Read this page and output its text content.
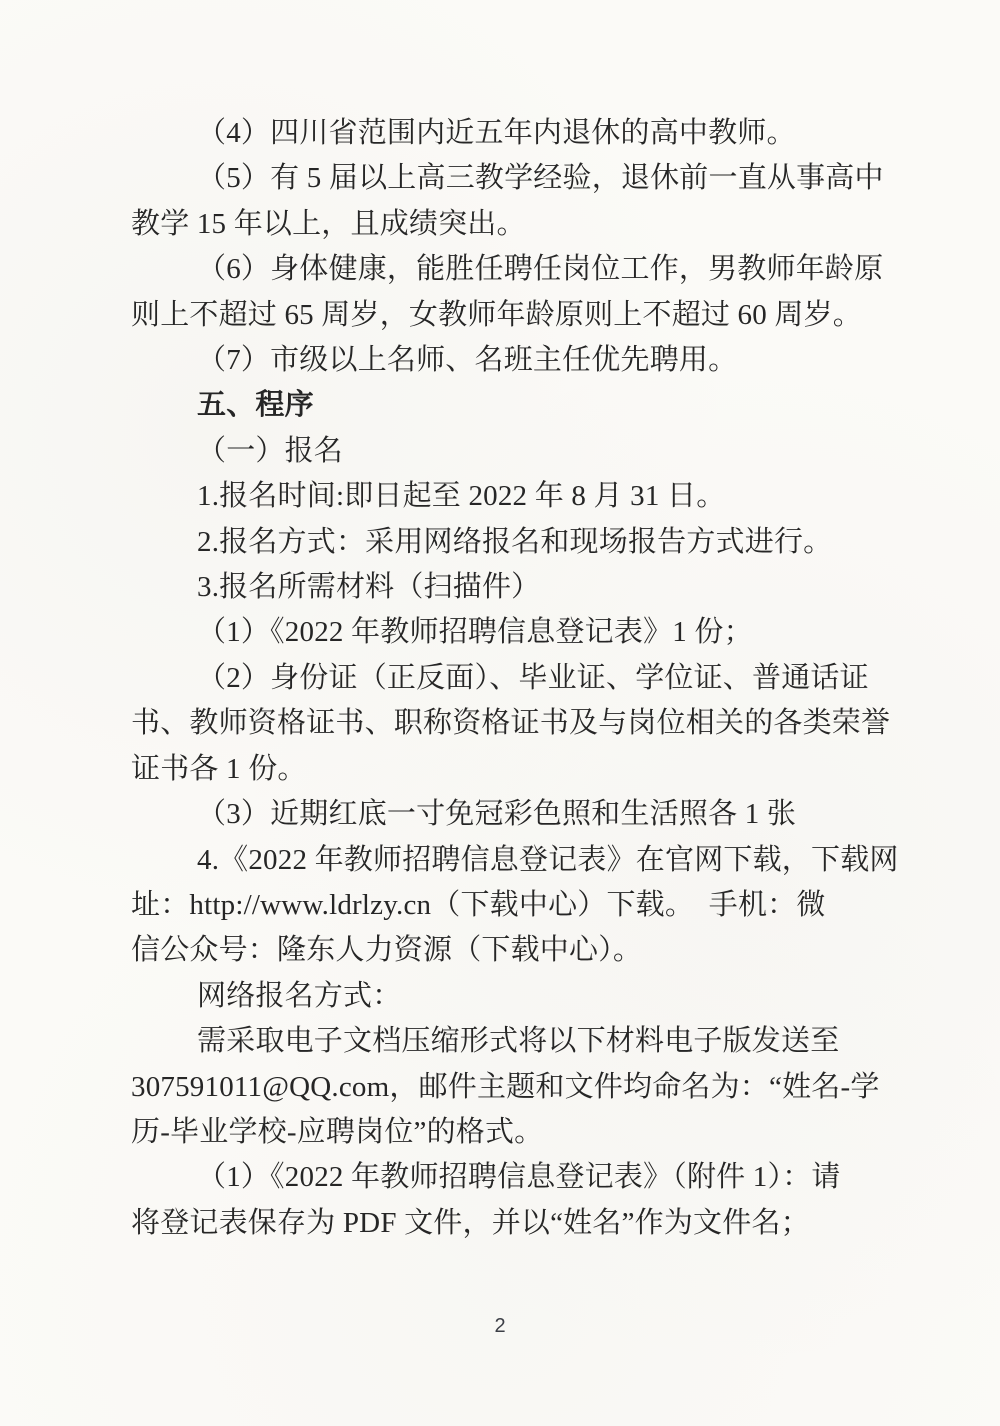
（4）四川省范围内近五年内退休的高中教师。
（5）有 5 届以上高三教学经验，退休前一直从事高中
教学 15 年以上，且成绩突出。
（6）身体健康，能胜任聘任岗位工作，男教师年龄原
则上不超过 65 周岁，女教师年龄原则上不超过 60 周岁。
（7）市级以上名师、名班主任优先聘用。
五、程序
（一）报名
1.报名时间:即日起至 2022 年 8 月 31 日。
2.报名方式：采用网络报名和现场报告方式进行。
3.报名所需材料（扫描件）
（1）《2022 年教师招聘信息登记表》1 份；
（2）身份证（正反面）、毕业证、学位证、普通话证
书、教师资格证书、职称资格证书及与岗位相关的各类荣誉
证书各 1 份。
（3）近期红底一寸免冠彩色照和生活照各 1 张
4.《2022 年教师招聘信息登记表》在官网下载，下载网
址：http://www.ldrlzy.cn（下载中心）下载。　手机：微
信公众号：隆东人力资源（下载中心）。
网络报名方式：
需采取电子文档压缩形式将以下材料电子版发送至
307591011@QQ.com，邮件主题和文件均命名为：“姓名-学
历-毕业学校-应聘岗位”的格式。
（1）《2022 年教师招聘信息登记表》（附件 1）：请
将登记表保存为 PDF 文件，并以“姓名”作为文件名；
2
